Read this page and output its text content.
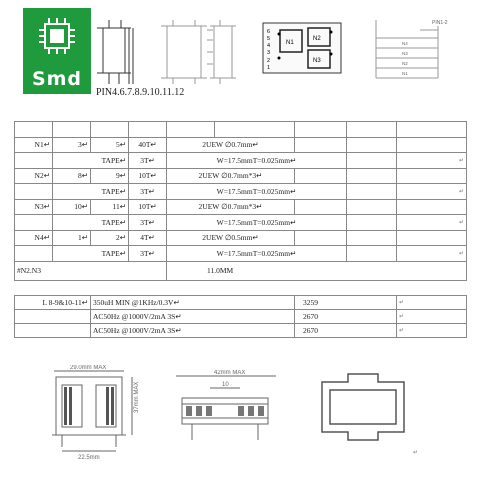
Smd
PIN4.6.7.8.9.10.11.12
6
5
4
3
2
1
N1
N2
N3
PIN1-2
N4
N3
N2
N1

N1↵	3↵	5↵	40T↵	2UEW ∅0.7mm↵				
	TAPE↵		3T↵	W=17.5mmT=0.025mm↵				↵
N2↵	8↵	9↵	10T↵	2UEW ∅0.7mm*3↵				
	TAPE↵		3T↵	W=17.5mmT=0.025mm↵				↵
N3↵	10↵	11↵	10T↵	2UEW ∅0.7mm*3↵				
	TAPE↵		3T↵	W=17.5mmT=0.025mm↵				↵
N4↵	1↵	2↵	4T↵	2UEW ∅0.5mm↵				
	TAPE↵		3T↵	W=17.5mmT=0.025mm↵				↵
#N2.N3				11.0MM				

L 8-9&10-11↵		350uH MIN @1KHz/0.3V↵				3259		↵
		AC50Hz @1000V/2mA 3S↵				2670		↵
		AC50Hz @1000V/2mA 3S↵				2670		↵
29.0mm MAX
37mm MAX
22.5mm
42mm MAX
10
↵
